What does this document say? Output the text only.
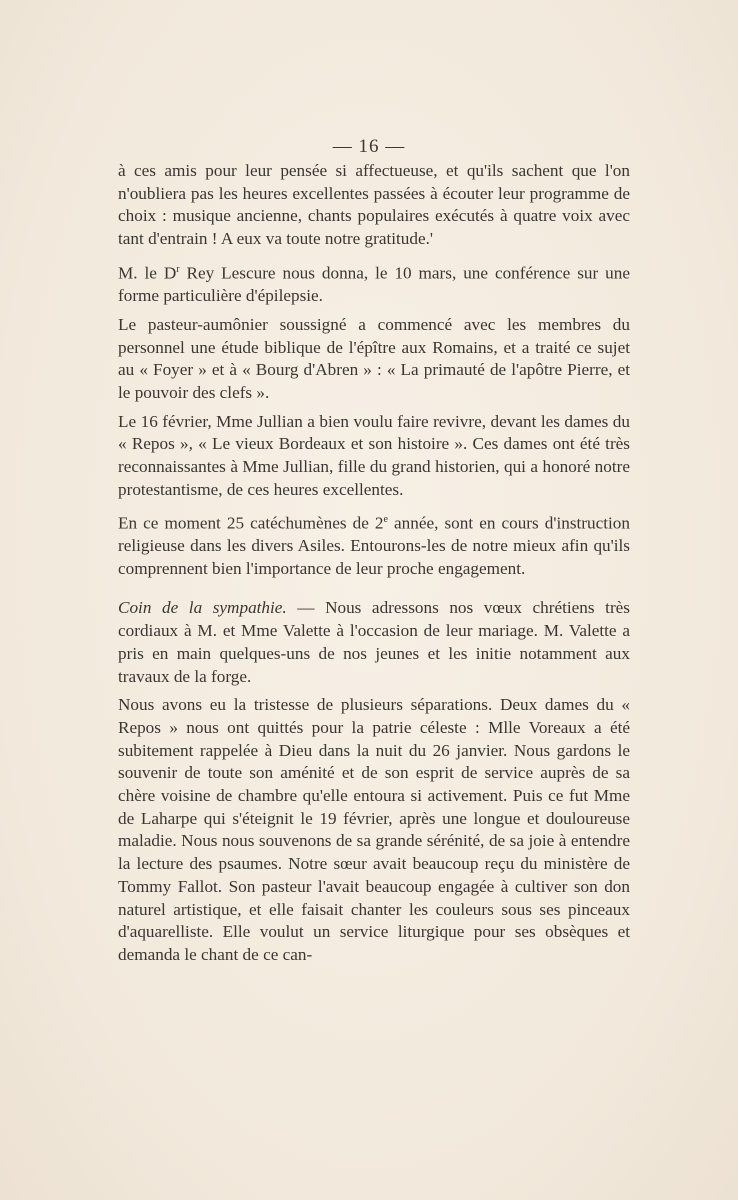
— 16 —

à ces amis pour leur pensée si affectueuse, et qu'ils sachent que l'on n'oubliera pas les heures excellentes passées à écouter leur programme de choix : musique ancienne, chants populaires exécutés à quatre voix avec tant d'entrain ! A eux va toute notre gratitude.'

M. le $D^r$ Rey Lescure nous donna, le 10 mars, une conférence sur une forme particulière d'épilepsie.

Le pasteur-aumônier soussigné a commencé avec les membres du personnel une étude biblique de l'épître aux Romains, et a traité ce sujet au « Foyer » et à « Bourg d'Abren » : « La primauté de l'apôtre Pierre, et le pouvoir des clefs ».

Le 16 février, Mme Jullian a bien voulu faire revivre, devant les dames du « Repos », « Le vieux Bordeaux et son histoire ». Ces dames ont été très reconnaissantes à Mme Jullian, fille du grand historien, qui a honoré notre protestantisme, de ces heures excellentes.

En ce moment 25 catéchumènes de 2e année, sont en cours d'instruction religieuse dans les divers Asiles. Entourons-les de notre mieux afin qu'ils comprennent bien l'importance de leur proche engagement.

Coin de la sympathie. — Nous adressons nos vœux chrétiens très cordiaux à M. et Mme Valette à l'occasion de leur mariage. M. Valette a pris en main quelques-uns de nos jeunes et les initie notamment aux travaux de la forge.

Nous avons eu la tristesse de plusieurs séparations. Deux dames du « Repos » nous ont quittés pour la patrie céleste : Mlle Voreaux a été subitement rappelée à Dieu dans la nuit du 26 janvier. Nous gardons le souvenir de toute son aménité et de son esprit de service auprès de sa chère voisine de chambre qu'elle entoura si activement. Puis ce fut Mme de Laharpe qui s'éteignit le 19 février, après une longue et douloureuse maladie. Nous nous souvenons de sa grande sérénité, de sa joie à entendre la lecture des psaumes. Notre sœur avait beaucoup reçu du ministère de Tommy Fallot. Son pasteur l'avait beaucoup engagée à cultiver son don naturel artistique, et elle faisait chanter les couleurs sous ses pinceaux d'aquarelliste. Elle voulut un service liturgique pour ses obsèques et demanda le chant de ce can-
